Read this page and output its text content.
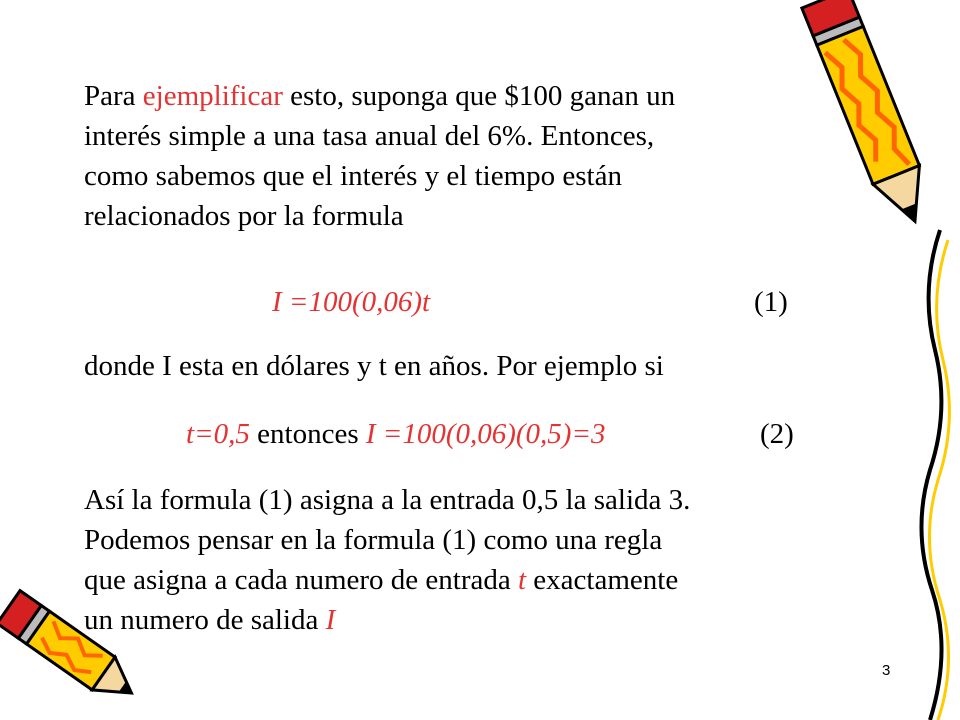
Para ejemplificar esto, suponga que $100 ganan un
interés simple a una tasa anual del 6%. Entonces,
como sabemos que el interés y el tiempo están
relacionados por la formula
I =100(0,06)t	(1)
donde I esta en dólares y t en años. Por ejemplo si
t=0,5 entonces I =100(0,06)(0,5)=3	(2)
Así la formula (1) asigna a la entrada 0,5 la salida 3.
Podemos pensar en la formula (1) como una regla
que asigna a cada numero de entrada t exactamente
un numero de salida I
3
